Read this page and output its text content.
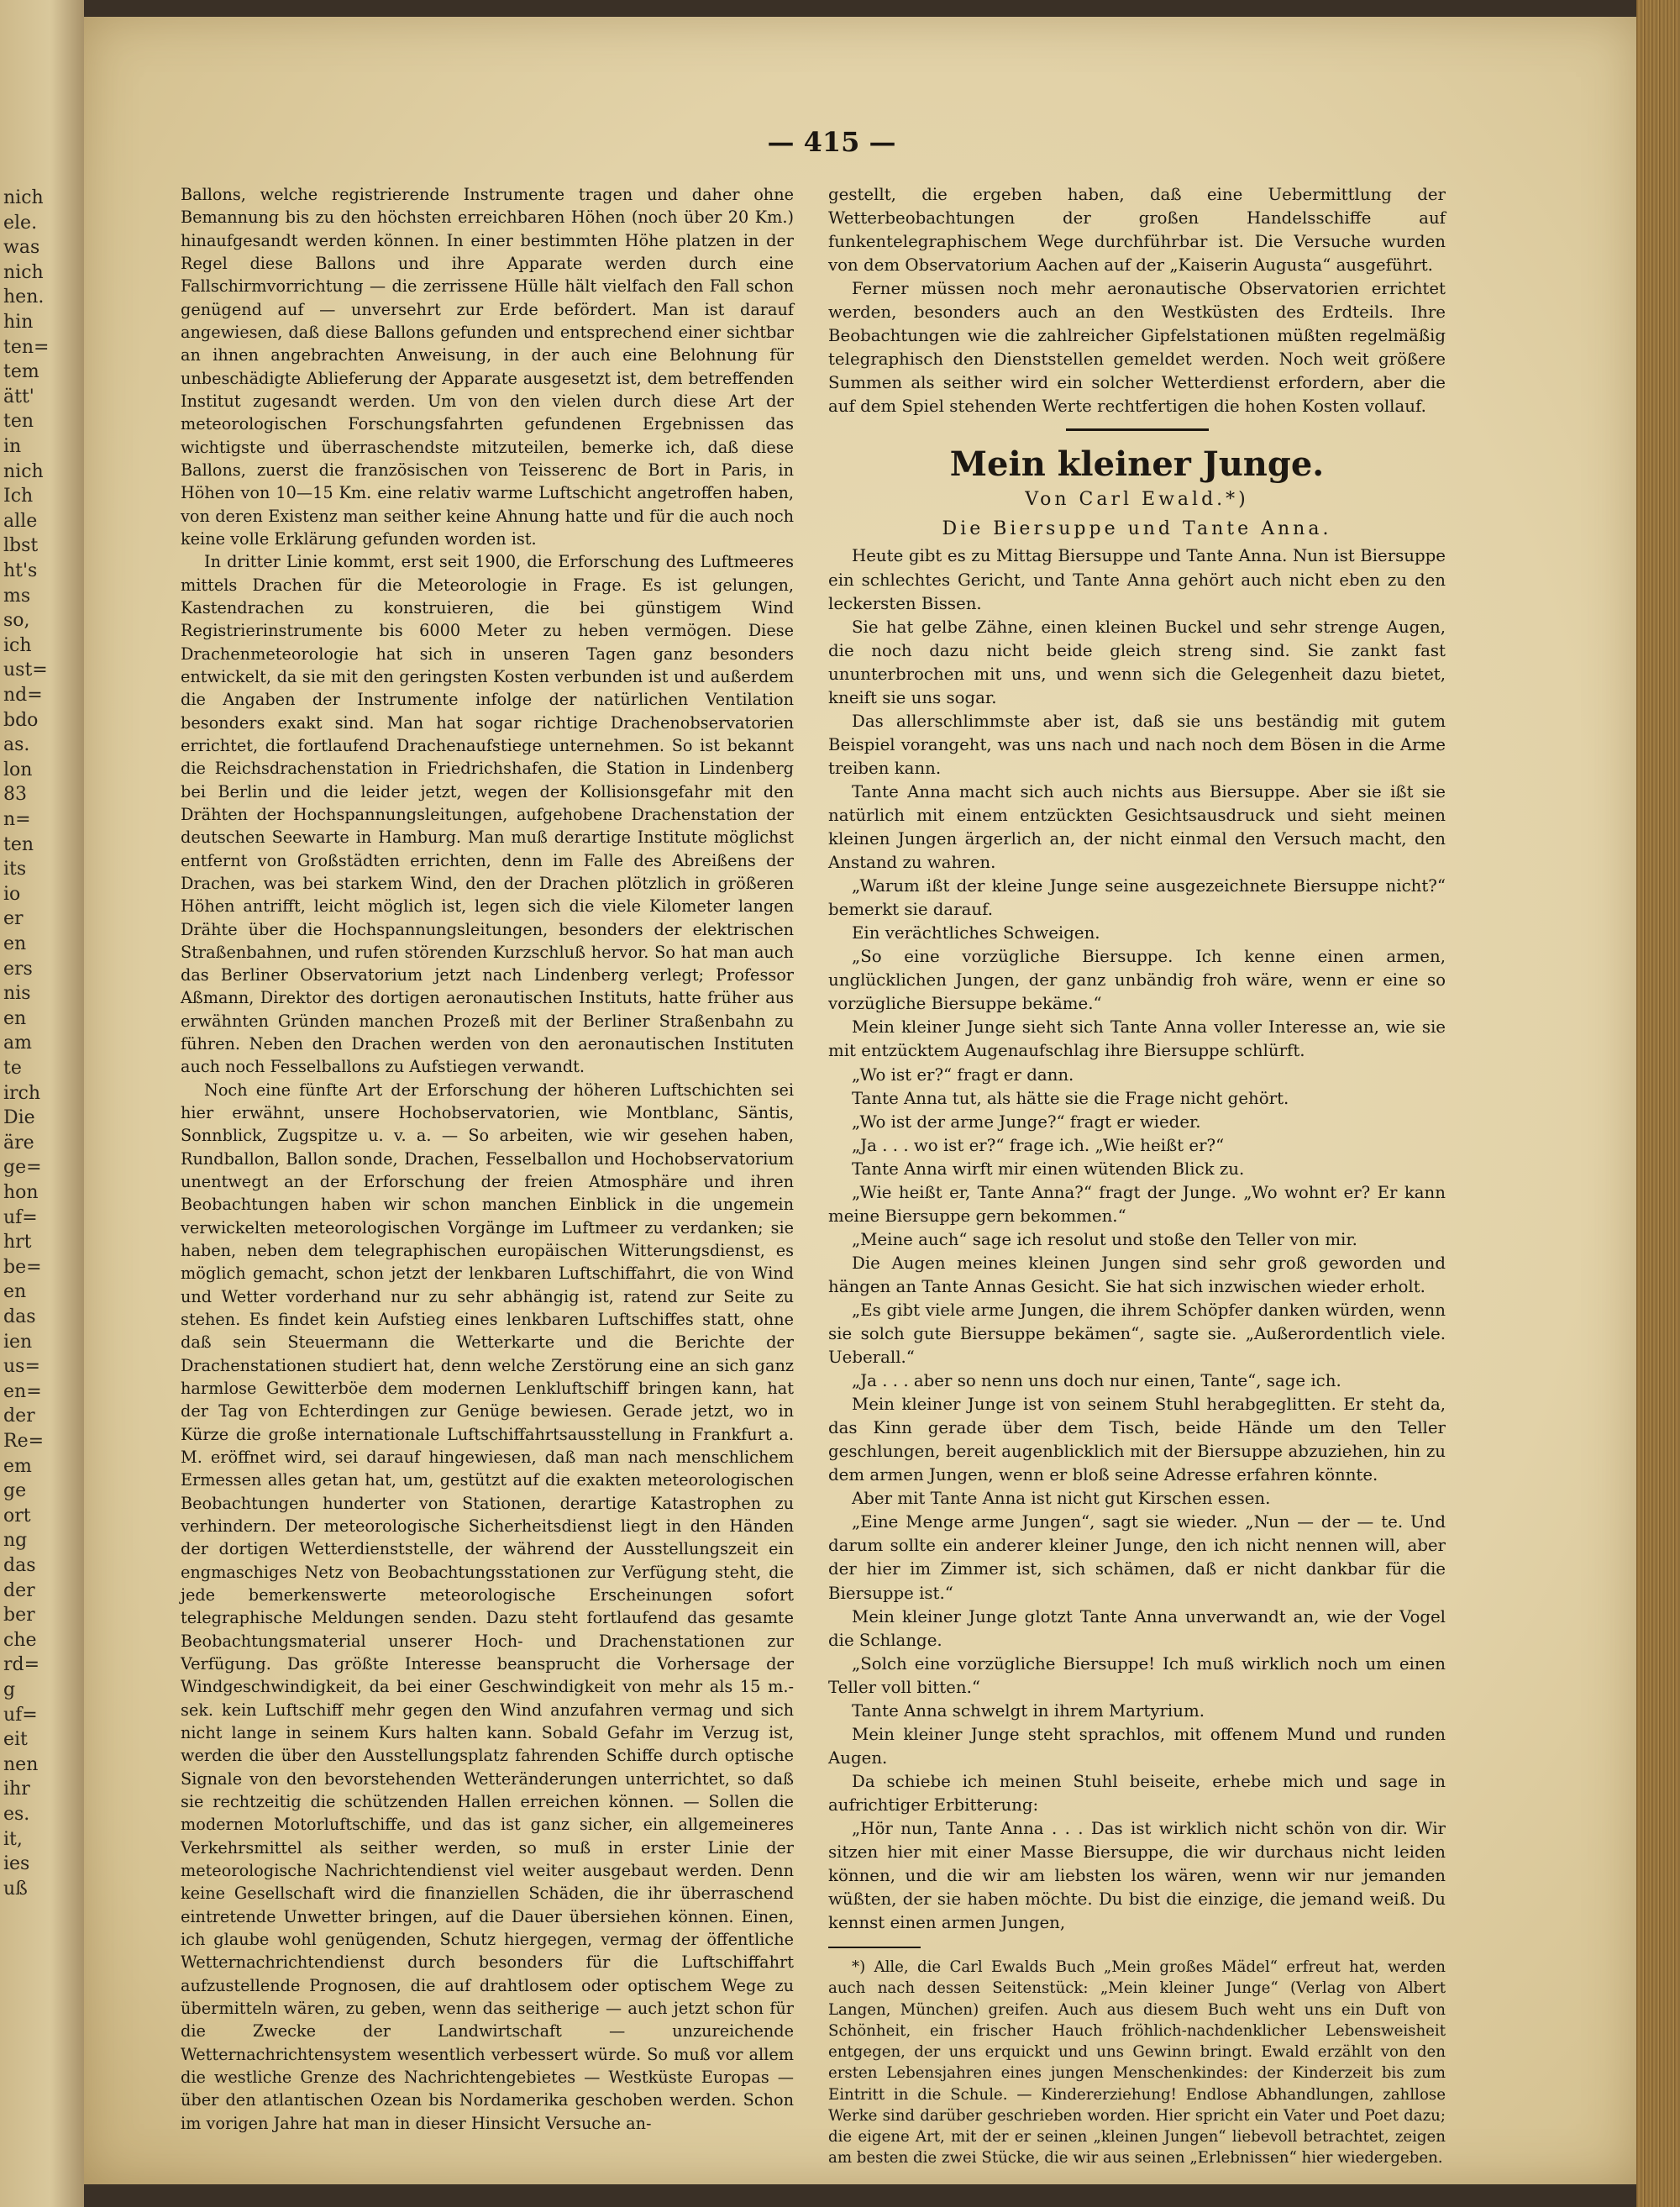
nich
ele.
was
nich
hen.
hin
ten=
tem
ätt'
ten
in
nich
Ich
alle
lbst
ht's
ms
so,
ich
ust=
nd=
bdo
as.
lon
83
n=
ten
its
io
er
en
ers
nis
en
am
te
irch
Die
äre
ge=
hon
uf=
hrt
be=
en
das
ien
us=
en=
der
Re=
em
ge
ort
ng
das
der
ber
che
rd=
g
uf=
eit
nen
ihr
es.
it,
ies
uß
— 415 —

Ballons, welche registrierende Instrumente tragen und daher ohne Bemannung bis zu den höchsten erreichbaren Höhen (noch über 20 Km.) hinaufgesandt werden können. In einer bestimmten Höhe platzen in der Regel diese Ballons und ihre Apparate werden durch eine Fallschirmvorrichtung — die zerrissene Hülle hält vielfach den Fall schon genügend auf — unversehrt zur Erde befördert. Man ist darauf angewiesen, daß diese Ballons gefunden und entsprechend einer sichtbar an ihnen angebrachten Anweisung, in der auch eine Belohnung für unbeschädigte Ablieferung der Apparate ausgesetzt ist, dem betreffenden Institut zugesandt werden. Um von den vielen durch diese Art der meteorologischen Forschungsfahrten gefundenen Ergebnissen das wichtigste und überraschendste mitzuteilen, bemerke ich, daß diese Ballons, zuerst die französischen von Teisserenc de Bort in Paris, in Höhen von 10—15 Km. eine relativ warme Luftschicht angetroffen haben, von deren Existenz man seither keine Ahnung hatte und für die auch noch keine volle Erklärung gefunden worden ist.

In dritter Linie kommt, erst seit 1900, die Erforschung des Luftmeeres mittels Drachen für die Meteorologie in Frage. Es ist gelungen, Kastendrachen zu konstruieren, die bei günstigem Wind Registrierinstrumente bis 6000 Meter zu heben vermögen. Diese Drachenmeteorologie hat sich in unseren Tagen ganz besonders entwickelt, da sie mit den geringsten Kosten verbunden ist und außerdem die Angaben der Instrumente infolge der natürlichen Ventilation besonders exakt sind. Man hat sogar richtige Drachenobservatorien errichtet, die fortlaufend Drachenaufstiege unternehmen. So ist bekannt die Reichsdrachenstation in Friedrichshafen, die Station in Lindenberg bei Berlin und die leider jetzt, wegen der Kollisionsgefahr mit den Drähten der Hochspannungsleitungen, aufgehobene Drachenstation der deutschen Seewarte in Hamburg. Man muß derartige Institute möglichst entfernt von Großstädten errichten, denn im Falle des Abreißens der Drachen, was bei starkem Wind, den der Drachen plötzlich in größeren Höhen antrifft, leicht möglich ist, legen sich die viele Kilometer langen Drähte über die Hochspannungsleitungen, besonders der elektrischen Straßenbahnen, und rufen störenden Kurzschluß hervor. So hat man auch das Berliner Observatorium jetzt nach Lindenberg verlegt; Professor Aßmann, Direktor des dortigen aeronautischen Instituts, hatte früher aus erwähnten Gründen manchen Prozeß mit der Berliner Straßenbahn zu führen. Neben den Drachen werden von den aeronautischen Instituten auch noch Fesselballons zu Aufstiegen verwandt.

Noch eine fünfte Art der Erforschung der höheren Luftschichten sei hier erwähnt, unsere Hochobservatorien, wie Montblanc, Säntis, Sonnblick, Zugspitze u. v. a. — So arbeiten, wie wir gesehen haben, Rundballon, Ballon sonde, Drachen, Fesselballon und Hochobservatorium unentwegt an der Erforschung der freien Atmosphäre und ihren Beobachtungen haben wir schon manchen Einblick in die ungemein verwickelten meteorologischen Vorgänge im Luftmeer zu verdanken; sie haben, neben dem telegraphischen europäischen Witterungsdienst, es möglich gemacht, schon jetzt der lenkbaren Luftschiffahrt, die von Wind und Wetter vorderhand nur zu sehr abhängig ist, ratend zur Seite zu stehen. Es findet kein Aufstieg eines lenkbaren Luftschiffes statt, ohne daß sein Steuermann die Wetterkarte und die Berichte der Drachenstationen studiert hat, denn welche Zerstörung eine an sich ganz harmlose Gewitterböe dem modernen Lenkluftschiff bringen kann, hat der Tag von Echterdingen zur Genüge bewiesen. Gerade jetzt, wo in Kürze die große internationale Luftschiffahrtsausstellung in Frankfurt a. M. eröffnet wird, sei darauf hingewiesen, daß man nach menschlichem Ermessen alles getan hat, um, gestützt auf die exakten meteorologischen Beobachtungen hunderter von Stationen, derartige Katastrophen zu verhindern. Der meteorologische Sicherheitsdienst liegt in den Händen der dortigen Wetterdienststelle, der während der Ausstellungszeit ein engmaschiges Netz von Beobachtungsstationen zur Verfügung steht, die jede bemerkenswerte meteorologische Erscheinungen sofort telegraphische Meldungen senden. Dazu steht fortlaufend das gesamte Beobachtungsmaterial unserer Hoch- und Drachenstationen zur Verfügung. Das größte Interesse beansprucht die Vorhersage der Windgeschwindigkeit, da bei einer Geschwindigkeit von mehr als 15 m.-sek. kein Luftschiff mehr gegen den Wind anzufahren vermag und sich nicht lange in seinem Kurs halten kann. Sobald Gefahr im Verzug ist, werden die über den Ausstellungsplatz fahrenden Schiffe durch optische Signale von den bevorstehenden Wetteränderungen unterrichtet, so daß sie rechtzeitig die schützenden Hallen erreichen können. — Sollen die modernen Motorluftschiffe, und das ist ganz sicher, ein allgemeineres Verkehrsmittel als seither werden, so muß in erster Linie der meteorologische Nachrichtendienst viel weiter ausgebaut werden. Denn keine Gesellschaft wird die finanziellen Schäden, die ihr überraschend eintretende Unwetter bringen, auf die Dauer übersiehen können. Einen, ich glaube wohl genügenden, Schutz hiergegen, vermag der öffentliche Wetternachrichtendienst durch besonders für die Luftschiffahrt aufzustellende Prognosen, die auf drahtlosem oder optischem Wege zu übermitteln wären, zu geben, wenn das seitherige — auch jetzt schon für die Zwecke der Landwirtschaft — unzureichende Wetternachrichtensystem wesentlich verbessert würde. So muß vor allem die westliche Grenze des Nachrichtengebietes — Westküste Europas — über den atlantischen Ozean bis Nordamerika geschoben werden. Schon im vorigen Jahre hat man in dieser Hinsicht Versuche an-

gestellt, die ergeben haben, daß eine Uebermittlung der Wetterbeobachtungen der großen Handelsschiffe auf funkentelegraphischem Wege durchführbar ist. Die Versuche wurden von dem Observatorium Aachen auf der „Kaiserin Augusta“ ausgeführt.

Ferner müssen noch mehr aeronautische Observatorien errichtet werden, besonders auch an den Westküsten des Erdteils. Ihre Beobachtungen wie die zahlreicher Gipfelstationen müßten regelmäßig telegraphisch den Dienststellen gemeldet werden. Noch weit größere Summen als seither wird ein solcher Wetterdienst erfordern, aber die auf dem Spiel stehenden Werte rechtfertigen die hohen Kosten vollauf.

Mein kleiner Junge.
Von Carl Ewald.*)
Die Biersuppe und Tante Anna.

Heute gibt es zu Mittag Biersuppe und Tante Anna. Nun ist Biersuppe ein schlechtes Gericht, und Tante Anna gehört auch nicht eben zu den leckersten Bissen.

Sie hat gelbe Zähne, einen kleinen Buckel und sehr strenge Augen, die noch dazu nicht beide gleich streng sind. Sie zankt fast ununterbrochen mit uns, und wenn sich die Gelegenheit dazu bietet, kneift sie uns sogar.

Das allerschlimmste aber ist, daß sie uns beständig mit gutem Beispiel vorangeht, was uns nach und nach noch dem Bösen in die Arme treiben kann.

Tante Anna macht sich auch nichts aus Biersuppe. Aber sie ißt sie natürlich mit einem entzückten Gesichtsausdruck und sieht meinen kleinen Jungen ärgerlich an, der nicht einmal den Versuch macht, den Anstand zu wahren.

„Warum ißt der kleine Junge seine ausgezeichnete Biersuppe nicht?“ bemerkt sie darauf.

Ein verächtliches Schweigen.

„So eine vorzügliche Biersuppe. Ich kenne einen armen, unglücklichen Jungen, der ganz unbändig froh wäre, wenn er eine so vorzügliche Biersuppe bekäme.“

Mein kleiner Junge sieht sich Tante Anna voller Interesse an, wie sie mit entzücktem Augenaufschlag ihre Biersuppe schlürft.

„Wo ist er?“ fragt er dann.

Tante Anna tut, als hätte sie die Frage nicht gehört.

„Wo ist der arme Junge?“ fragt er wieder.

„Ja . . . wo ist er?“ frage ich. „Wie heißt er?“

Tante Anna wirft mir einen wütenden Blick zu.

„Wie heißt er, Tante Anna?“ fragt der Junge. „Wo wohnt er? Er kann meine Biersuppe gern bekommen.“

„Meine auch“ sage ich resolut und stoße den Teller von mir.

Die Augen meines kleinen Jungen sind sehr groß geworden und hängen an Tante Annas Gesicht. Sie hat sich inzwischen wieder erholt.

„Es gibt viele arme Jungen, die ihrem Schöpfer danken würden, wenn sie solch gute Biersuppe bekämen“, sagte sie. „Außerordentlich viele. Ueberall.“

„Ja . . . aber so nenn uns doch nur einen, Tante“, sage ich.

Mein kleiner Junge ist von seinem Stuhl herabgeglitten. Er steht da, das Kinn gerade über dem Tisch, beide Hände um den Teller geschlungen, bereit augenblicklich mit der Biersuppe abzuziehen, hin zu dem armen Jungen, wenn er bloß seine Adresse erfahren könnte.

Aber mit Tante Anna ist nicht gut Kirschen essen.

„Eine Menge arme Jungen“, sagt sie wieder. „Nun — der — te. Und darum sollte ein anderer kleiner Junge, den ich nicht nennen will, aber der hier im Zimmer ist, sich schämen, daß er nicht dankbar für die Biersuppe ist.“

Mein kleiner Junge glotzt Tante Anna unverwandt an, wie der Vogel die Schlange.

„Solch eine vorzügliche Biersuppe! Ich muß wirklich noch um einen Teller voll bitten.“

Tante Anna schwelgt in ihrem Martyrium.

Mein kleiner Junge steht sprachlos, mit offenem Mund und runden Augen.

Da schiebe ich meinen Stuhl beiseite, erhebe mich und sage in aufrichtiger Erbitterung:

„Hör nun, Tante Anna . . . Das ist wirklich nicht schön von dir. Wir sitzen hier mit einer Masse Biersuppe, die wir durchaus nicht leiden können, und die wir am liebsten los wären, wenn wir nur jemanden wüßten, der sie haben möchte. Du bist die einzige, die jemand weiß. Du kennst einen armen Jungen,

*) Alle, die Carl Ewalds Buch „Mein großes Mädel“ erfreut hat, werden auch nach dessen Seitenstück: „Mein kleiner Junge“ (Verlag von Albert Langen, München) greifen. Auch aus diesem Buch weht uns ein Duft von Schönheit, ein frischer Hauch fröhlich-nachdenklicher Lebensweisheit entgegen, der uns erquickt und uns Gewinn bringt. Ewald erzählt von den ersten Lebensjahren eines jungen Menschenkindes: der Kinderzeit bis zum Eintritt in die Schule. — Kindererziehung! Endlose Abhandlungen, zahllose Werke sind darüber geschrieben worden. Hier spricht ein Vater und Poet dazu; die eigene Art, mit der er seinen „kleinen Jungen“ liebevoll betrachtet, zeigen am besten die zwei Stücke, die wir aus seinen „Erlebnissen“ hier wiedergeben.
